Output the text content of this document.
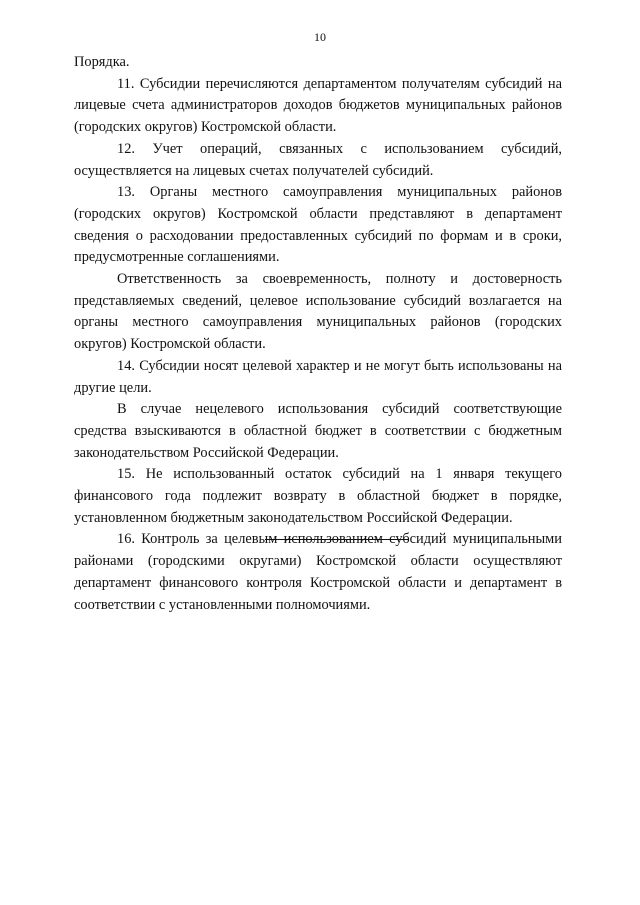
10

Порядка.

11. Субсидии перечисляются департаментом получателям субсидий на лицевые счета администраторов доходов бюджетов муниципальных районов (городских округов) Костромской области.

12. Учет операций, связанных с использованием субсидий, осуществляется на лицевых счетах получателей субсидий.

13. Органы местного самоуправления муниципальных районов (городских округов) Костромской области представляют в департамент сведения о расходовании предоставленных субсидий по формам и в сроки, предусмотренные соглашениями.

Ответственность за своевременность, полноту и достоверность представляемых сведений, целевое использование субсидий возлагается на органы местного самоуправления муниципальных районов (городских округов) Костромской области.

14. Субсидии носят целевой характер и не могут быть использованы на другие цели.

В случае нецелевого использования субсидий соответствующие средства взыскиваются в областной бюджет в соответствии с бюджетным законодательством Российской Федерации.

15. Не использованный остаток субсидий на 1 января текущего финансового года подлежит возврату в областной бюджет в порядке, установленном бюджетным законодательством Российской Федерации.

16. Контроль за целевым использованием субсидий муниципальными районами (городскими округами) Костромской области осуществляют департамент финансового контроля Костромской области и департамент в соответствии с установленными полномочиями.
